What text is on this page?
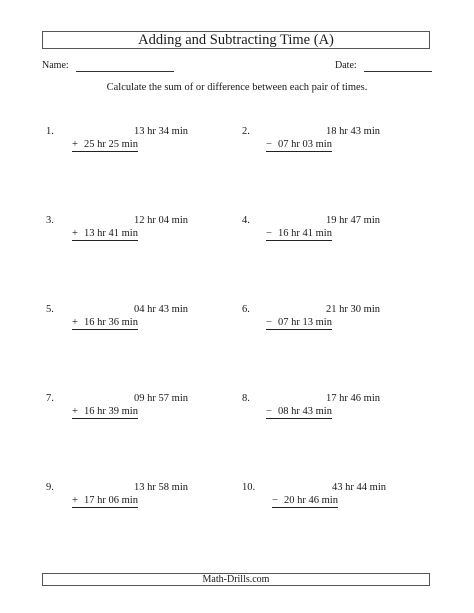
Adding and Subtracting Time (A)
Name:	Date:
Calculate the sum of or difference between each pair of times.
1.	13 hr 34 min
+ 25 hr 25 min
3.	12 hr 04 min
+ 13 hr 41 min
5.	04 hr 43 min
+ 16 hr 36 min
7.	09 hr 57 min
+ 16 hr 39 min
9.	13 hr 58 min
+ 17 hr 06 min
2.	18 hr 43 min
− 07 hr 03 min
4.	19 hr 47 min
− 16 hr 41 min
6.	21 hr 30 min
− 07 hr 13 min
8.	17 hr 46 min
− 08 hr 43 min
10.	43 hr 44 min
− 20 hr 46 min
Math-Drills.com
